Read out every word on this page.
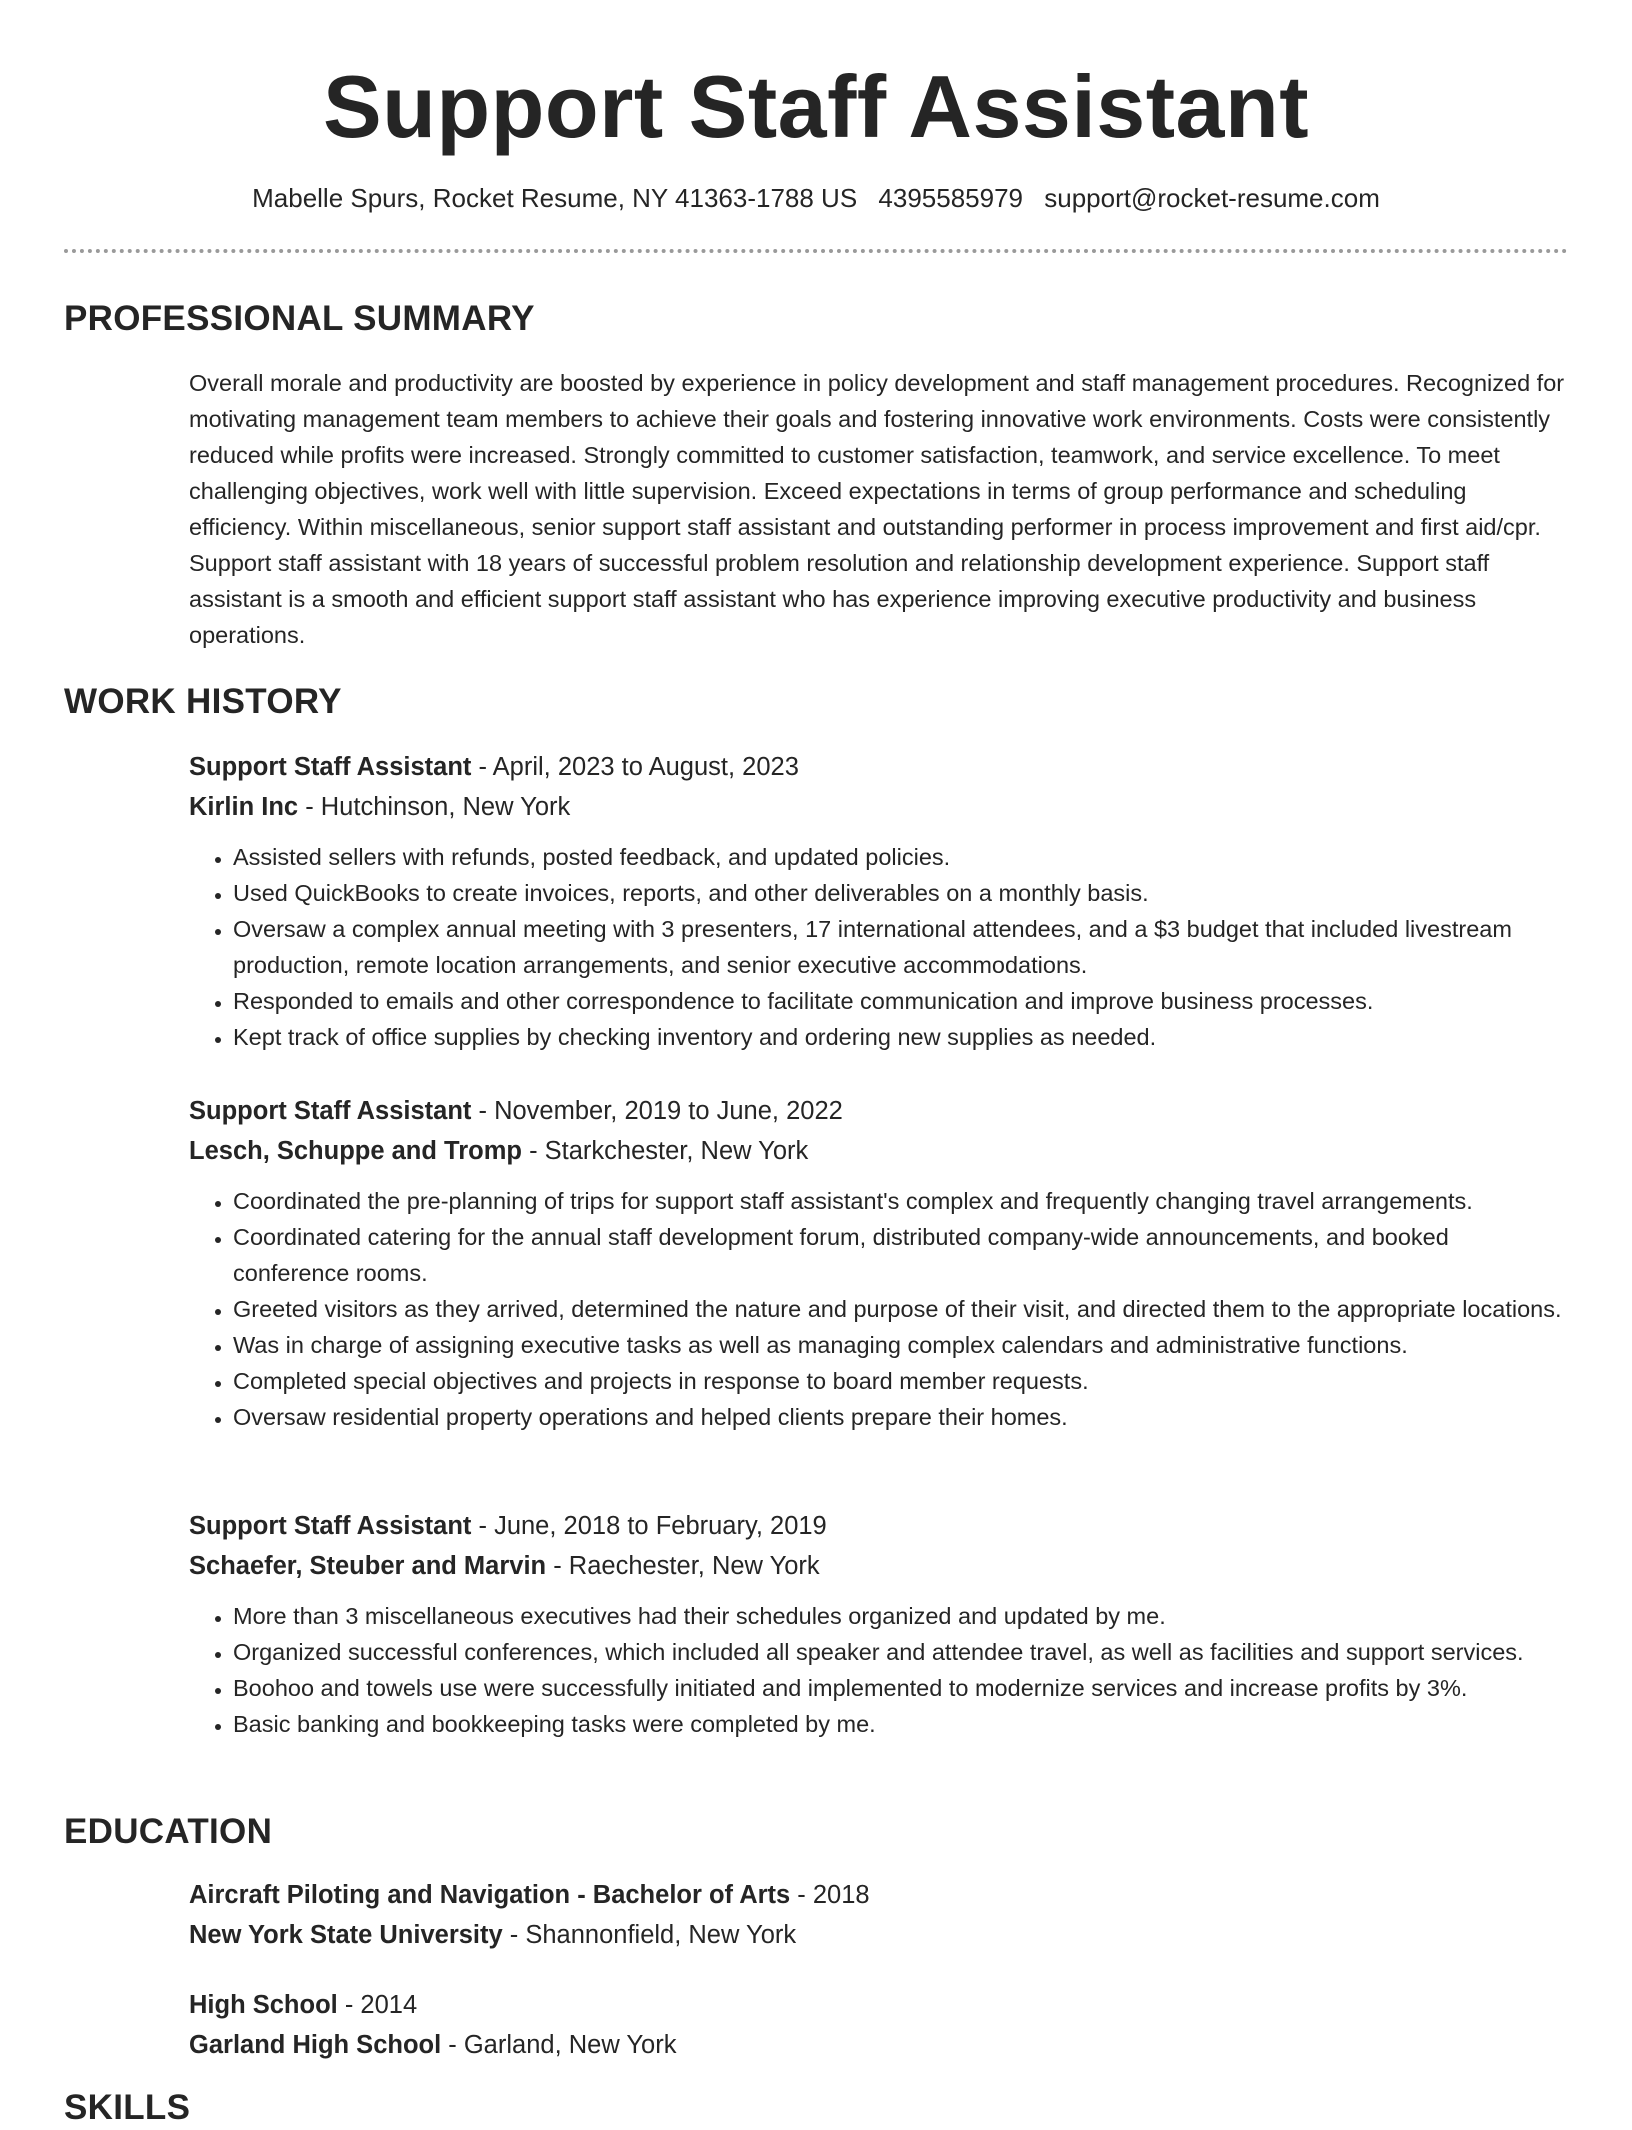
Support Staff Assistant
Mabelle Spurs, Rocket Resume, NY 41363-1788 US 4395585979 support@rocket-resume.com
PROFESSIONAL SUMMARY

Overall morale and productivity are boosted by experience in policy development and staff management procedures. Recognized for motivating management team members to achieve their goals and fostering innovative work environments. Costs were consistently reduced while profits were increased. Strongly committed to customer satisfaction, teamwork, and service excellence. To meet challenging objectives, work well with little supervision. Exceed expectations in terms of group performance and scheduling efficiency. Within miscellaneous, senior support staff assistant and outstanding performer in process improvement and first aid/cpr. Support staff assistant with 18 years of successful problem resolution and relationship development experience. Support staff assistant is a smooth and efficient support staff assistant who has experience improving executive productivity and business operations.

WORK HISTORY
Support Staff Assistant - April, 2023 to August, 2023
Kirlin Inc - Hutchinson, New York
• Assisted sellers with refunds, posted feedback, and updated policies.
• Used QuickBooks to create invoices, reports, and other deliverables on a monthly basis.
• Oversaw a complex annual meeting with 3 presenters, 17 international attendees, and a $3 budget that included livestream production, remote location arrangements, and senior executive accommodations.
• Responded to emails and other correspondence to facilitate communication and improve business processes.
• Kept track of office supplies by checking inventory and ordering new supplies as needed.
Support Staff Assistant - November, 2019 to June, 2022
Lesch, Schuppe and Tromp - Starkchester, New York
• Coordinated the pre-planning of trips for support staff assistant's complex and frequently changing travel arrangements.
• Coordinated catering for the annual staff development forum, distributed company-wide announcements, and booked conference rooms.
• Greeted visitors as they arrived, determined the nature and purpose of their visit, and directed them to the appropriate locations.
• Was in charge of assigning executive tasks as well as managing complex calendars and administrative functions.
• Completed special objectives and projects in response to board member requests.
• Oversaw residential property operations and helped clients prepare their homes.
Support Staff Assistant - June, 2018 to February, 2019
Schaefer, Steuber and Marvin - Raechester, New York
• More than 3 miscellaneous executives had their schedules organized and updated by me.
• Organized successful conferences, which included all speaker and attendee travel, as well as facilities and support services.
• Boohoo and towels use were successfully initiated and implemented to modernize services and increase profits by 3%.
• Basic banking and bookkeeping tasks were completed by me.
EDUCATION
Aircraft Piloting and Navigation - Bachelor of Arts - 2018
New York State University - Shannonfield, New York
High School - 2014
Garland High School - Garland, New York
SKILLS
